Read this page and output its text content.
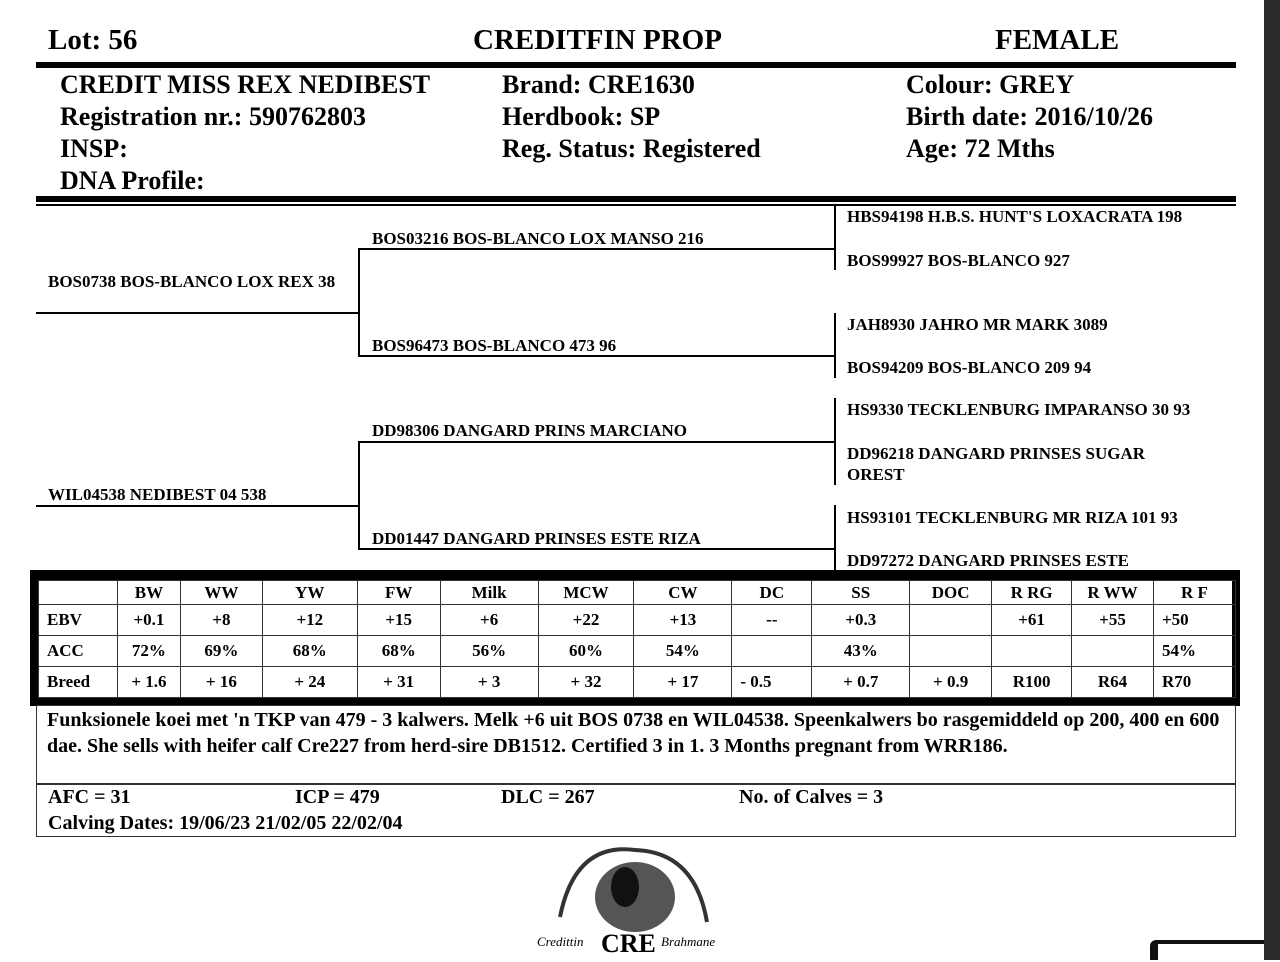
Lot: 56	CREDITFIN PROP	FEMALE
CREDIT MISS REX NEDIBEST
Registration nr.: 590762803
INSP:
DNA Profile:
Brand: CRE1630
Herdbook: SP
Reg. Status: Registered
Colour: GREY
Birth date: 2016/10/26
Age: 72 Mths
BOS0738 BOS-BLANCO LOX REX 38
WIL04538 NEDIBEST 04 538
BOS03216 BOS-BLANCO LOX MANSO 216
BOS96473 BOS-BLANCO 473 96
DD98306 DANGARD PRINS MARCIANO
DD01447 DANGARD PRINSES ESTE RIZA
HBS94198 H.B.S. HUNT'S LOXACRATA 198
BOS99927 BOS-BLANCO 927
JAH8930 JAHRO MR MARK 3089
BOS94209 BOS-BLANCO 209 94
HS9330 TECKLENBURG IMPARANSO 30 93
DD96218 DANGARD PRINSES SUGAR OREST
HS93101 TECKLENBURG MR RIZA 101 93
DD97272 DANGARD PRINSES ESTE
	BW	WW	YW	FW	Milk	MCW	CW	DC	SS	DOC	R RG	R WW	R F
EBV	+0.1	+8	+12	+15	+6	+22	+13	--	+0.3		+61	+55	+50
ACC	72%	69%	68%	68%	56%	60%	54%		43%				54%
Breed	+ 1.6	+ 16	+ 24	+ 31	+ 3	+ 32	+ 17	- 0.5	+ 0.7	+ 0.9	R100	R64	R70
Funksionele koei met 'n TKP van 479 - 3 kalwers. Melk +6 uit BOS 0738 en WIL04538. Speenkalwers bo rasgemiddeld op 200, 400 en 600 dae. She sells with heifer calf Cre227 from herd-sire DB1512. Certified 3 in 1. 3 Months pregnant from WRR186.
AFC = 31	ICP = 479	DLC = 267	No. of Calves = 3
Calving Dates: 19/06/23 21/02/05 22/02/04
Credittin CRE Brahmane
